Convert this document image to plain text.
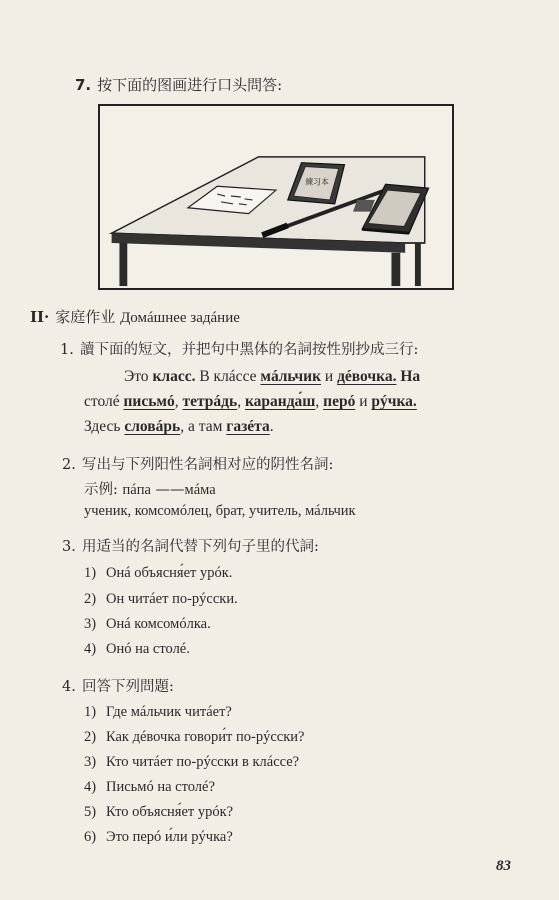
7. 按下面的图画进行口头問答:
練习本
II· 家庭作业 Домáшнее задáние
1. 讀下面的短文，并把句中黑体的名詞按性别抄成三行:
Это класс. В клáссе мáльчик и дéвочка. На
столé письмó, тетрáдь, каранда́ш, перó и рýчка.
Здесь словáрь, а там газéта.
2. 写出与下列阳性名詞相对应的阴性名詞:
示例: пáпа ——мáма
ученик, комсомóлец, брат, учитель, мáльчик
3. 用适当的名詞代替下列句子里的代詞:
1) Онá объясня́ет урóк.
2) Он читáет по-рýсски.
3) Онá комсомóлка.
4) Онó на столé.
4. 回答下列問題:
1) Где мáльчик читáет?
2) Как дéвочка говори́т по-рýсски?
3) Кто читáет по-рýсски в клáссе?
4) Письмó на столé?
5) Кто объясня́ет урóк?
6) Это перó и́ли рýчка?
83
